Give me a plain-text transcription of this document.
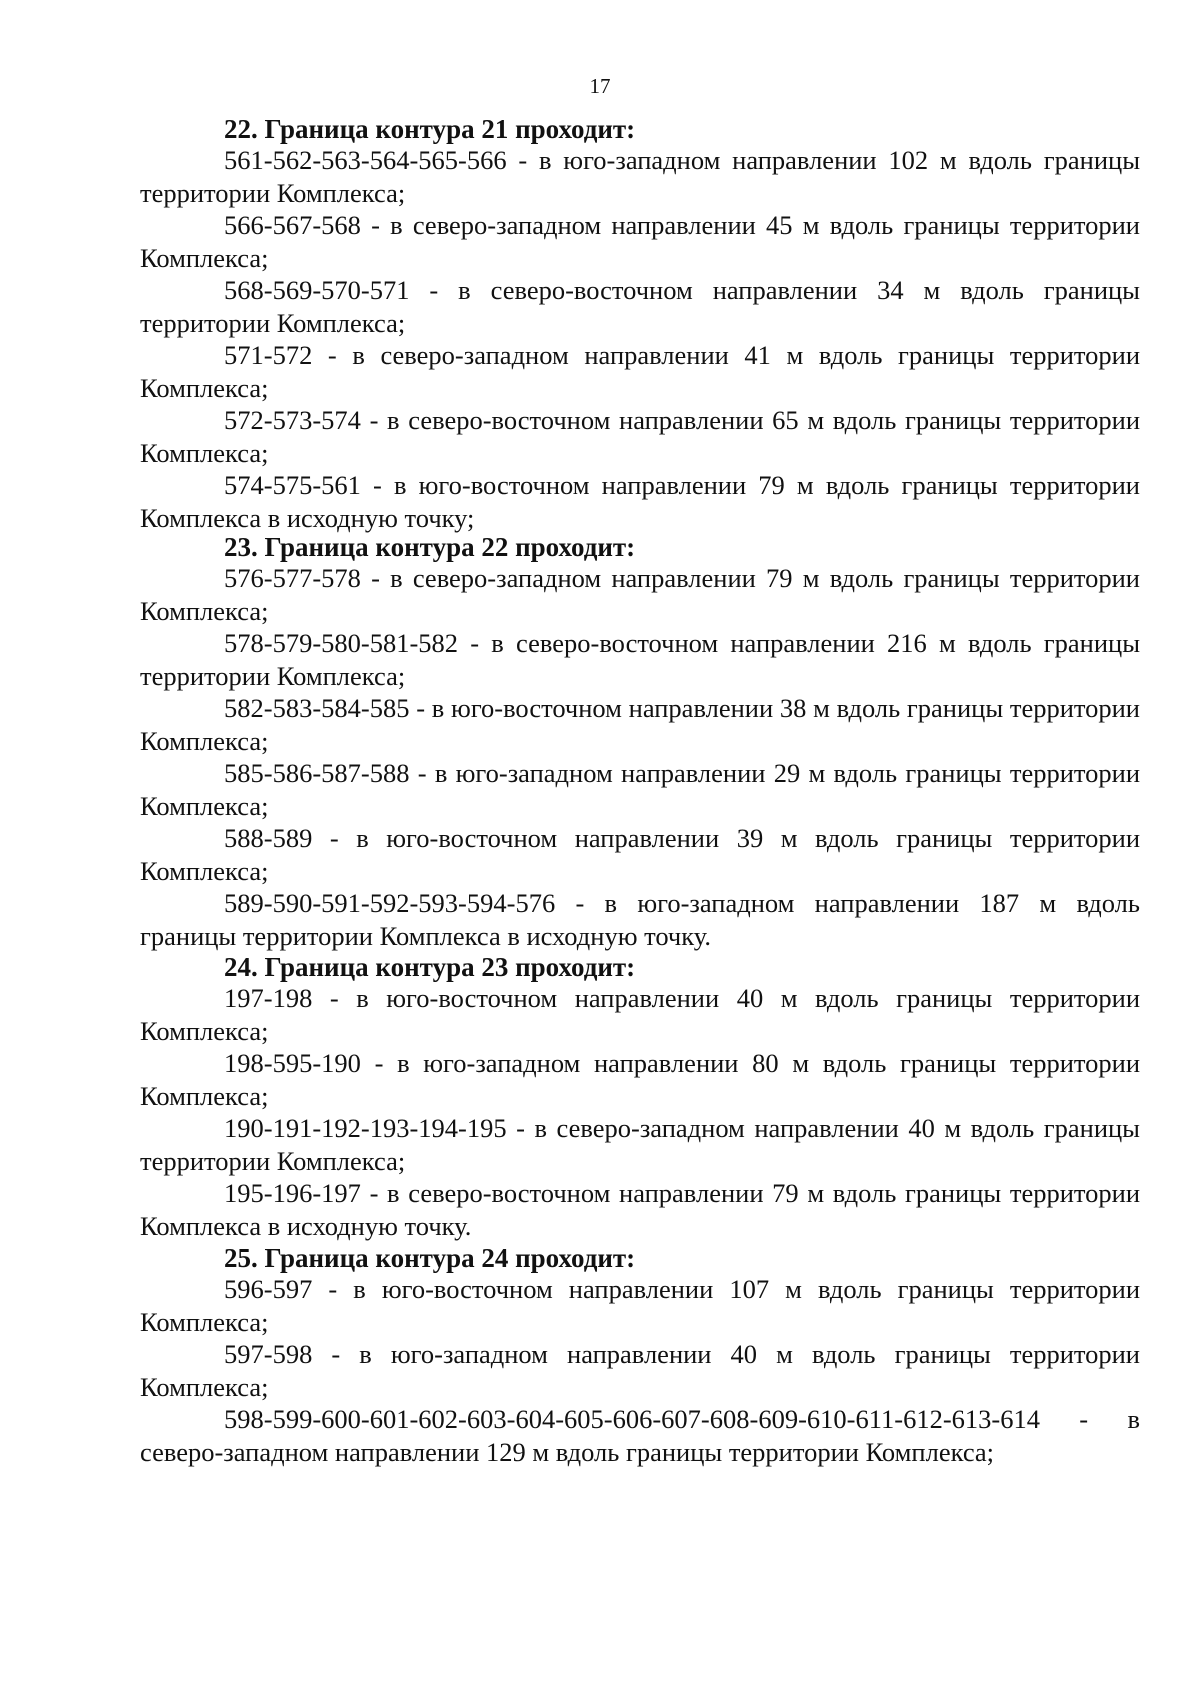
17
22. Граница контура 21 проходит:

561-562-563-564-565-566 - в юго-западном направлении 102 м вдоль границы территории Комплекса;

566-567-568 - в северо-западном направлении 45 м вдоль границы территории Комплекса;

568-569-570-571 - в северо-восточном направлении 34 м вдоль границы территории Комплекса;

571-572 - в северо-западном направлении 41 м вдоль границы территории Комплекса;

572-573-574 - в северо-восточном направлении 65 м вдоль границы территории Комплекса;

574-575-561 - в юго-восточном направлении 79 м вдоль границы территории Комплекса в исходную точку;

23. Граница контура 22 проходит:

576-577-578 - в северо-западном направлении 79 м вдоль границы территории Комплекса;

578-579-580-581-582 - в северо-восточном направлении 216 м вдоль границы территории Комплекса;

582-583-584-585 - в юго-восточном направлении 38 м вдоль границы территории Комплекса;

585-586-587-588 - в юго-западном направлении 29 м вдоль границы территории Комплекса;

588-589 - в юго-восточном направлении 39 м вдоль границы территории Комплекса;

589-590-591-592-593-594-576 - в юго-западном направлении 187 м вдоль границы территории Комплекса в исходную точку.

24. Граница контура 23 проходит:

197-198 - в юго-восточном направлении 40 м вдоль границы территории Комплекса;

198-595-190 - в юго-западном направлении 80 м вдоль границы территории Комплекса;

190-191-192-193-194-195 - в северо-западном направлении 40 м вдоль границы территории Комплекса;

195-196-197 - в северо-восточном направлении 79 м вдоль границы территории Комплекса в исходную точку.

25. Граница контура 24 проходит:

596-597 - в юго-восточном направлении 107 м вдоль границы территории Комплекса;

597-598 - в юго-западном направлении 40 м вдоль границы территории Комплекса;

598-599-600-601-602-603-604-605-606-607-608-609-610-611-612-613-614 - в северо-западном направлении 129 м вдоль границы территории Комплекса;
